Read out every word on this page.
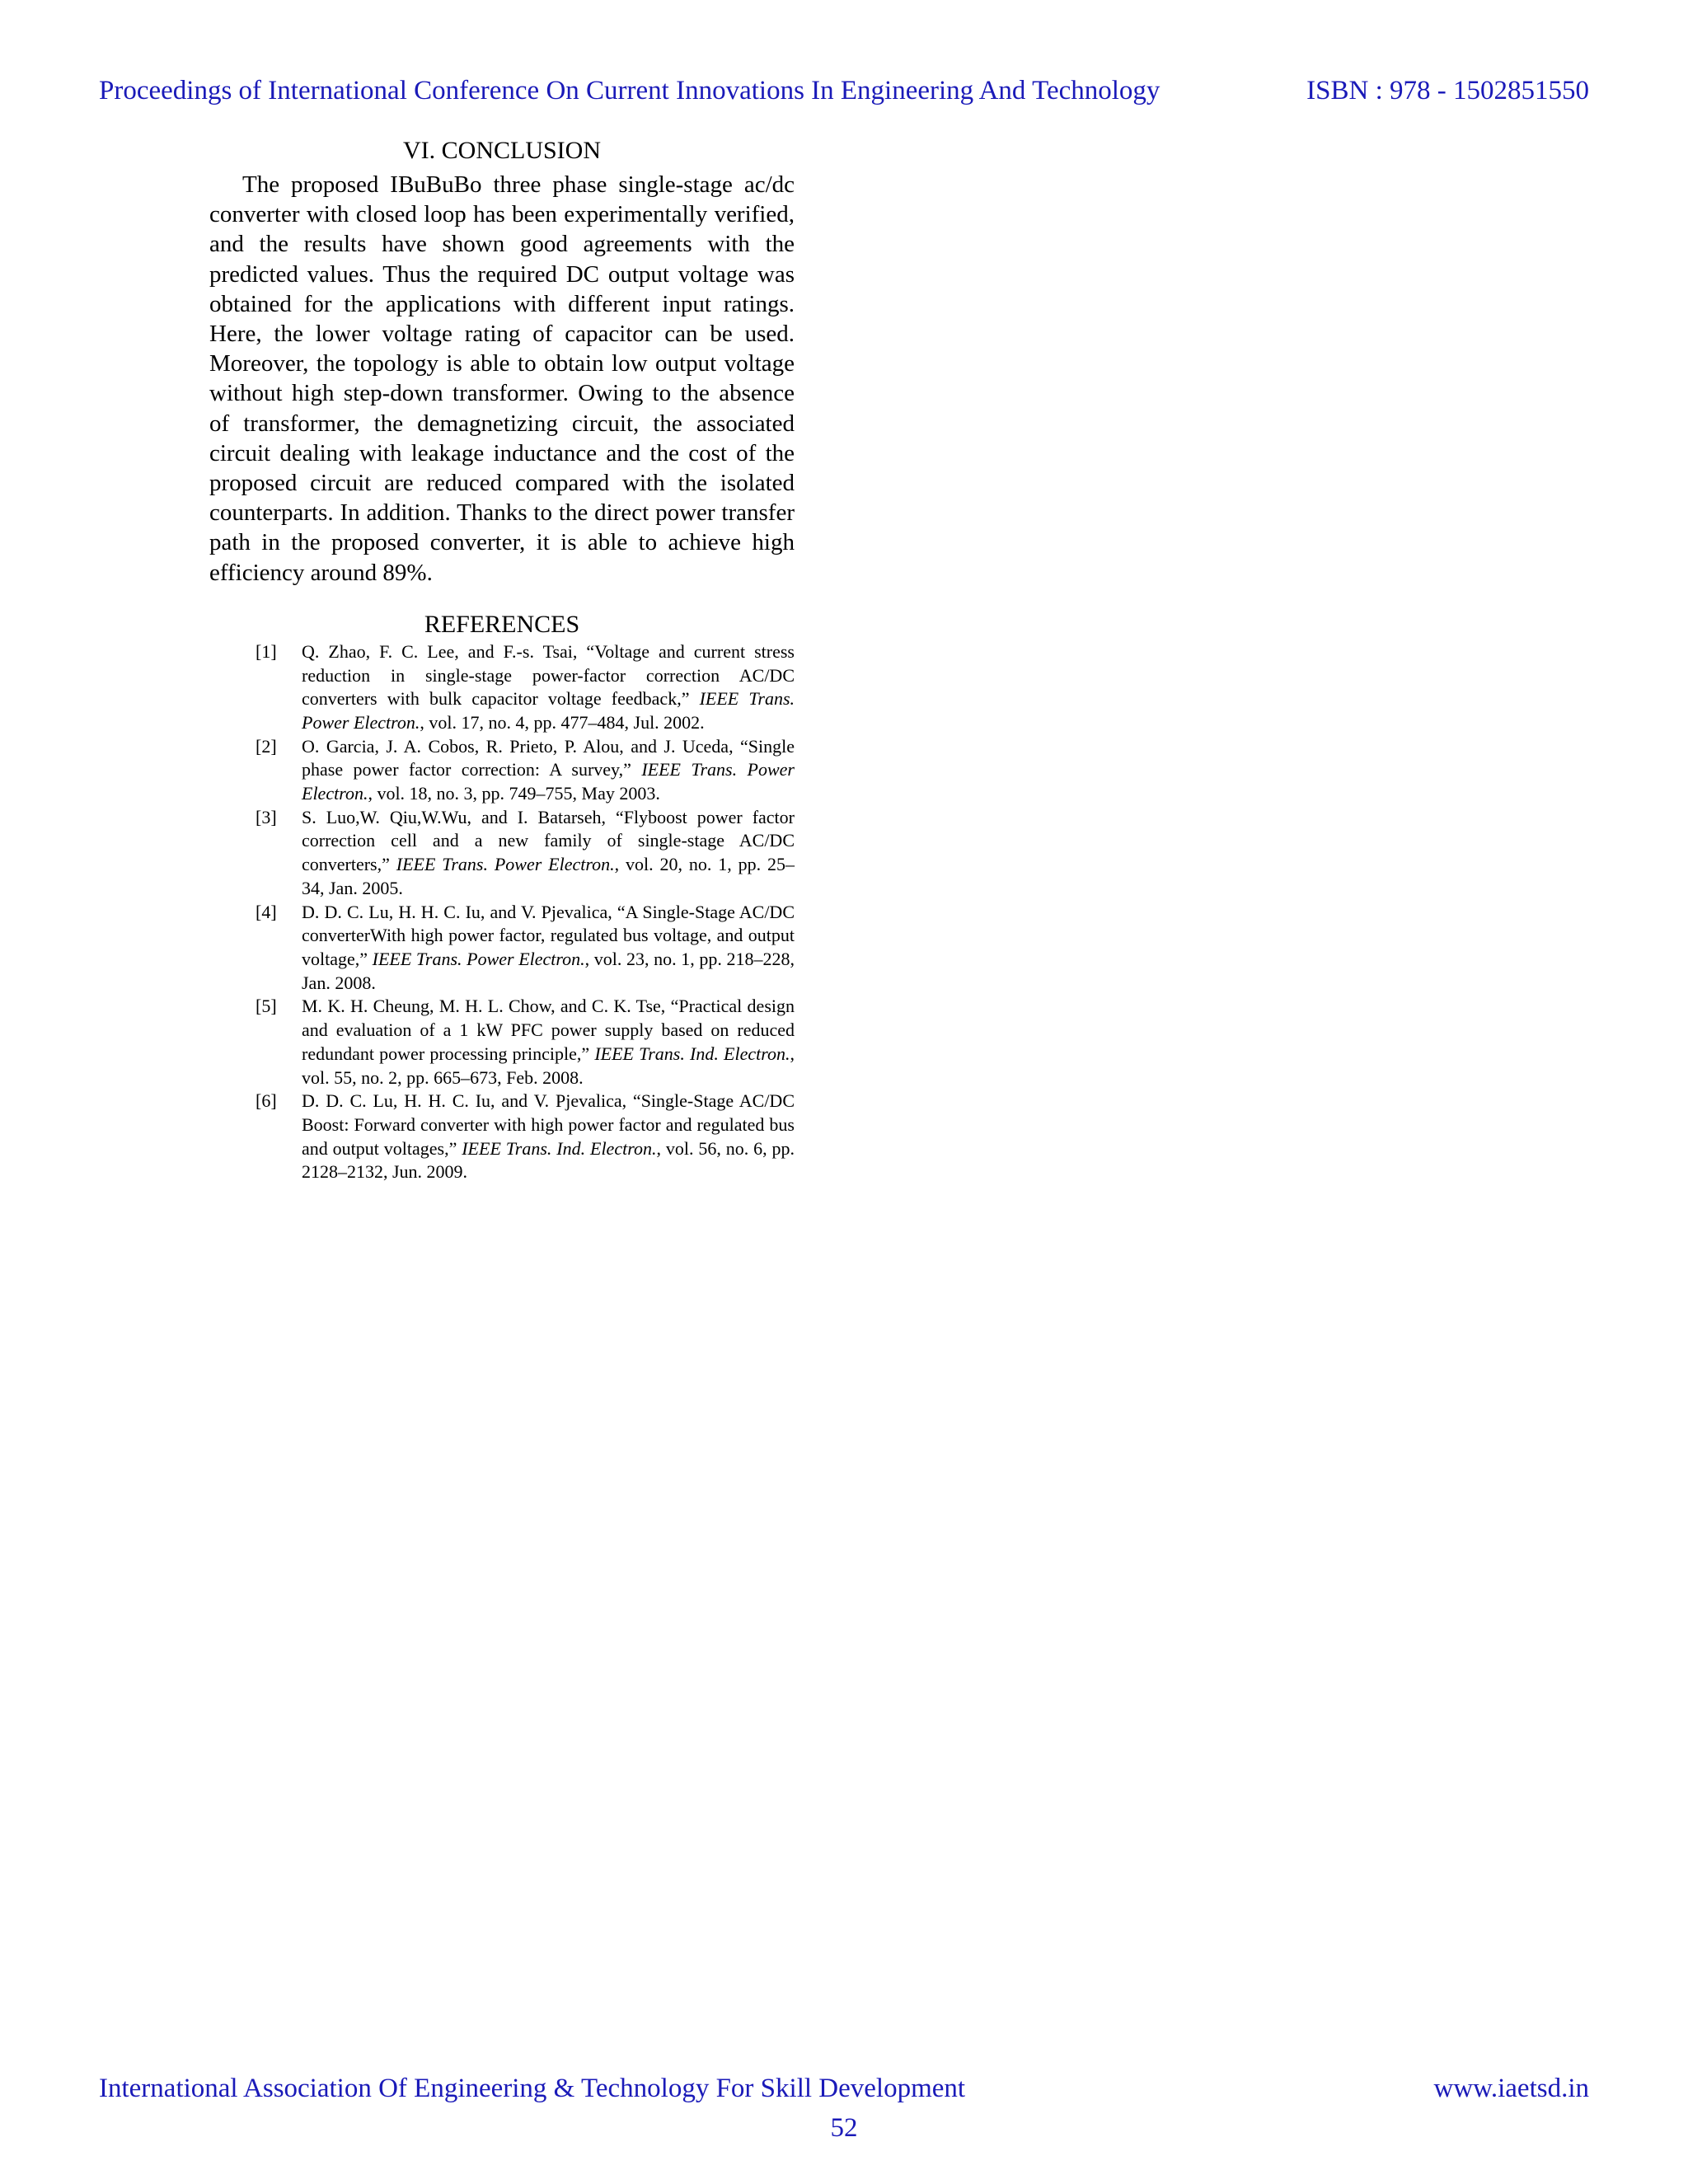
Proceedings of International Conference On Current Innovations In Engineering And Technology	ISBN : 978 - 1502851550
VI. CONCLUSION

The proposed IBuBuBo three phase single-stage ac/dc converter with closed loop has been experimentally verified, and the results have shown good agreements with the predicted values. Thus the required DC output voltage was obtained for the applications with different input ratings. Here, the lower voltage rating of capacitor can be used. Moreover, the topology is able to obtain low output voltage without high step-down transformer. Owing to the absence of transformer, the demagnetizing circuit, the associated circuit dealing with leakage inductance and the cost of the proposed circuit are reduced compared with the isolated counterparts. In addition. Thanks to the direct power transfer path in the proposed converter, it is able to achieve high efficiency around 89%.

REFERENCES
[1] Q. Zhao, F. C. Lee, and F.-s. Tsai, “Voltage and current stress reduction in single-stage power-factor correction AC/DC converters with bulk capacitor voltage feedback,” IEEE Trans. Power Electron., vol. 17, no. 4, pp. 477–484, Jul. 2002.
[2] O. Garcia, J. A. Cobos, R. Prieto, P. Alou, and J. Uceda, “Single phase power factor correction: A survey,” IEEE Trans. Power Electron., vol. 18, no. 3, pp. 749–755, May 2003.
[3] S. Luo,W. Qiu,W.Wu, and I. Batarseh, “Flyboost power factor correction cell and a new family of single-stage AC/DC converters,” IEEE Trans. Power Electron., vol. 20, no. 1, pp. 25–34, Jan. 2005.
[4] D. D. C. Lu, H. H. C. Iu, and V. Pjevalica, “A Single-Stage AC/DC converterWith high power factor, regulated bus voltage, and output voltage,” IEEE Trans. Power Electron., vol. 23, no. 1, pp. 218–228, Jan. 2008.
[5] M. K. H. Cheung, M. H. L. Chow, and C. K. Tse, “Practical design and evaluation of a 1 kW PFC power supply based on reduced redundant power processing principle,” IEEE Trans. Ind. Electron., vol. 55, no. 2, pp. 665–673, Feb. 2008.
[6] D. D. C. Lu, H. H. C. Iu, and V. Pjevalica, “Single-Stage AC/DC Boost: Forward converter with high power factor and regulated bus and output voltages,” IEEE Trans. Ind. Electron., vol. 56, no. 6, pp. 2128–2132, Jun. 2009.
International Association Of Engineering & Technology For Skill Development	www.iaetsd.in
52
